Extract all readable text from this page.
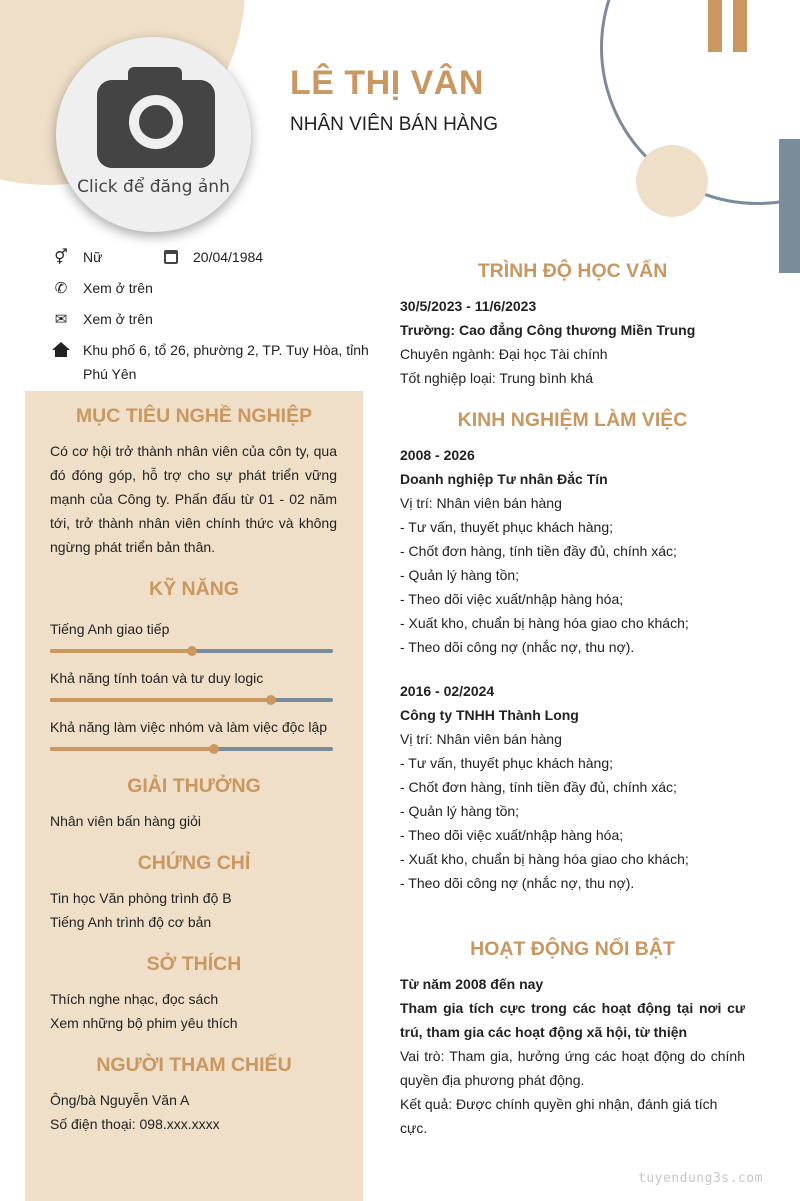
Click để đăng ảnh
LÊ THỊ VÂN
NHÂN VIÊN BÁN HÀNG
⚥ Nữ	20/04/1984
✆ Xem ở trên
✉ Xem ở trên
Khu phố 6, tổ 26, phường 2, TP. Tuy Hòa, tỉnh
Phú Yên
MỤC TIÊU NGHỀ NGHIỆP
Có cơ hội trở thành nhân viên của côn ty, qua đó đóng góp, hỗ trợ cho sự phát triển vững mạnh của Công ty. Phấn đấu từ 01 - 02 năm tới, trở thành nhân viên chính thức và không ngừng phát triển bản thân.
KỸ NĂNG
Tiếng Anh giao tiếp
Khả năng tính toán và tư duy logic
Khả năng làm việc nhóm và làm việc độc lập
GIẢI THƯỞNG
Nhân viên bấn hàng giỏi
CHỨNG CHỈ
Tin học Văn phòng trình độ B
Tiếng Anh trình độ cơ bản
SỞ THÍCH
Thích nghe nhạc, đọc sách
Xem những bộ phim yêu thích
NGƯỜI THAM CHIẾU
Ông/bà Nguyễn Văn A
Số điện thoại: 098.xxx.xxxx
TRÌNH ĐỘ HỌC VẤN
30/5/2023 - 11/6/2023
Trường: Cao đẳng Công thương Miền Trung
Chuyên ngành: Đại học Tài chính
Tốt nghiệp loại: Trung bình khá
KINH NGHIỆM LÀM VIỆC
2008 - 2026
Doanh nghiệp Tư nhân Đắc Tín
Vị trí: Nhân viên bán hàng
- Tư vấn, thuyết phục khách hàng;
- Chốt đơn hàng, tính tiền đầy đủ, chính xác;
- Quản lý hàng tồn;
- Theo dõi việc xuất/nhập hàng hóa;
- Xuất kho, chuẩn bị hàng hóa giao cho khách;
- Theo dõi công nợ (nhắc nợ, thu nợ).
2016 - 02/2024
Công ty TNHH Thành Long
Vị trí: Nhân viên bán hàng
- Tư vấn, thuyết phục khách hàng;
- Chốt đơn hàng, tính tiền đầy đủ, chính xác;
- Quản lý hàng tồn;
- Theo dõi việc xuất/nhập hàng hóa;
- Xuất kho, chuẩn bị hàng hóa giao cho khách;
- Theo dõi công nợ (nhắc nợ, thu nợ).
HOẠT ĐỘNG NỔI BẬT
Từ năm 2008 đến nay
Tham gia tích cực trong các hoạt động tại nơi cư trú, tham gia các hoạt động xã hội, từ thiện
Vai trò: Tham gia, hưởng ứng các hoạt động do chính quyền địa phương phát động.
Kết quả: Được chính quyền ghi nhận, đánh giá tích cực.
tuyendung3s.com
